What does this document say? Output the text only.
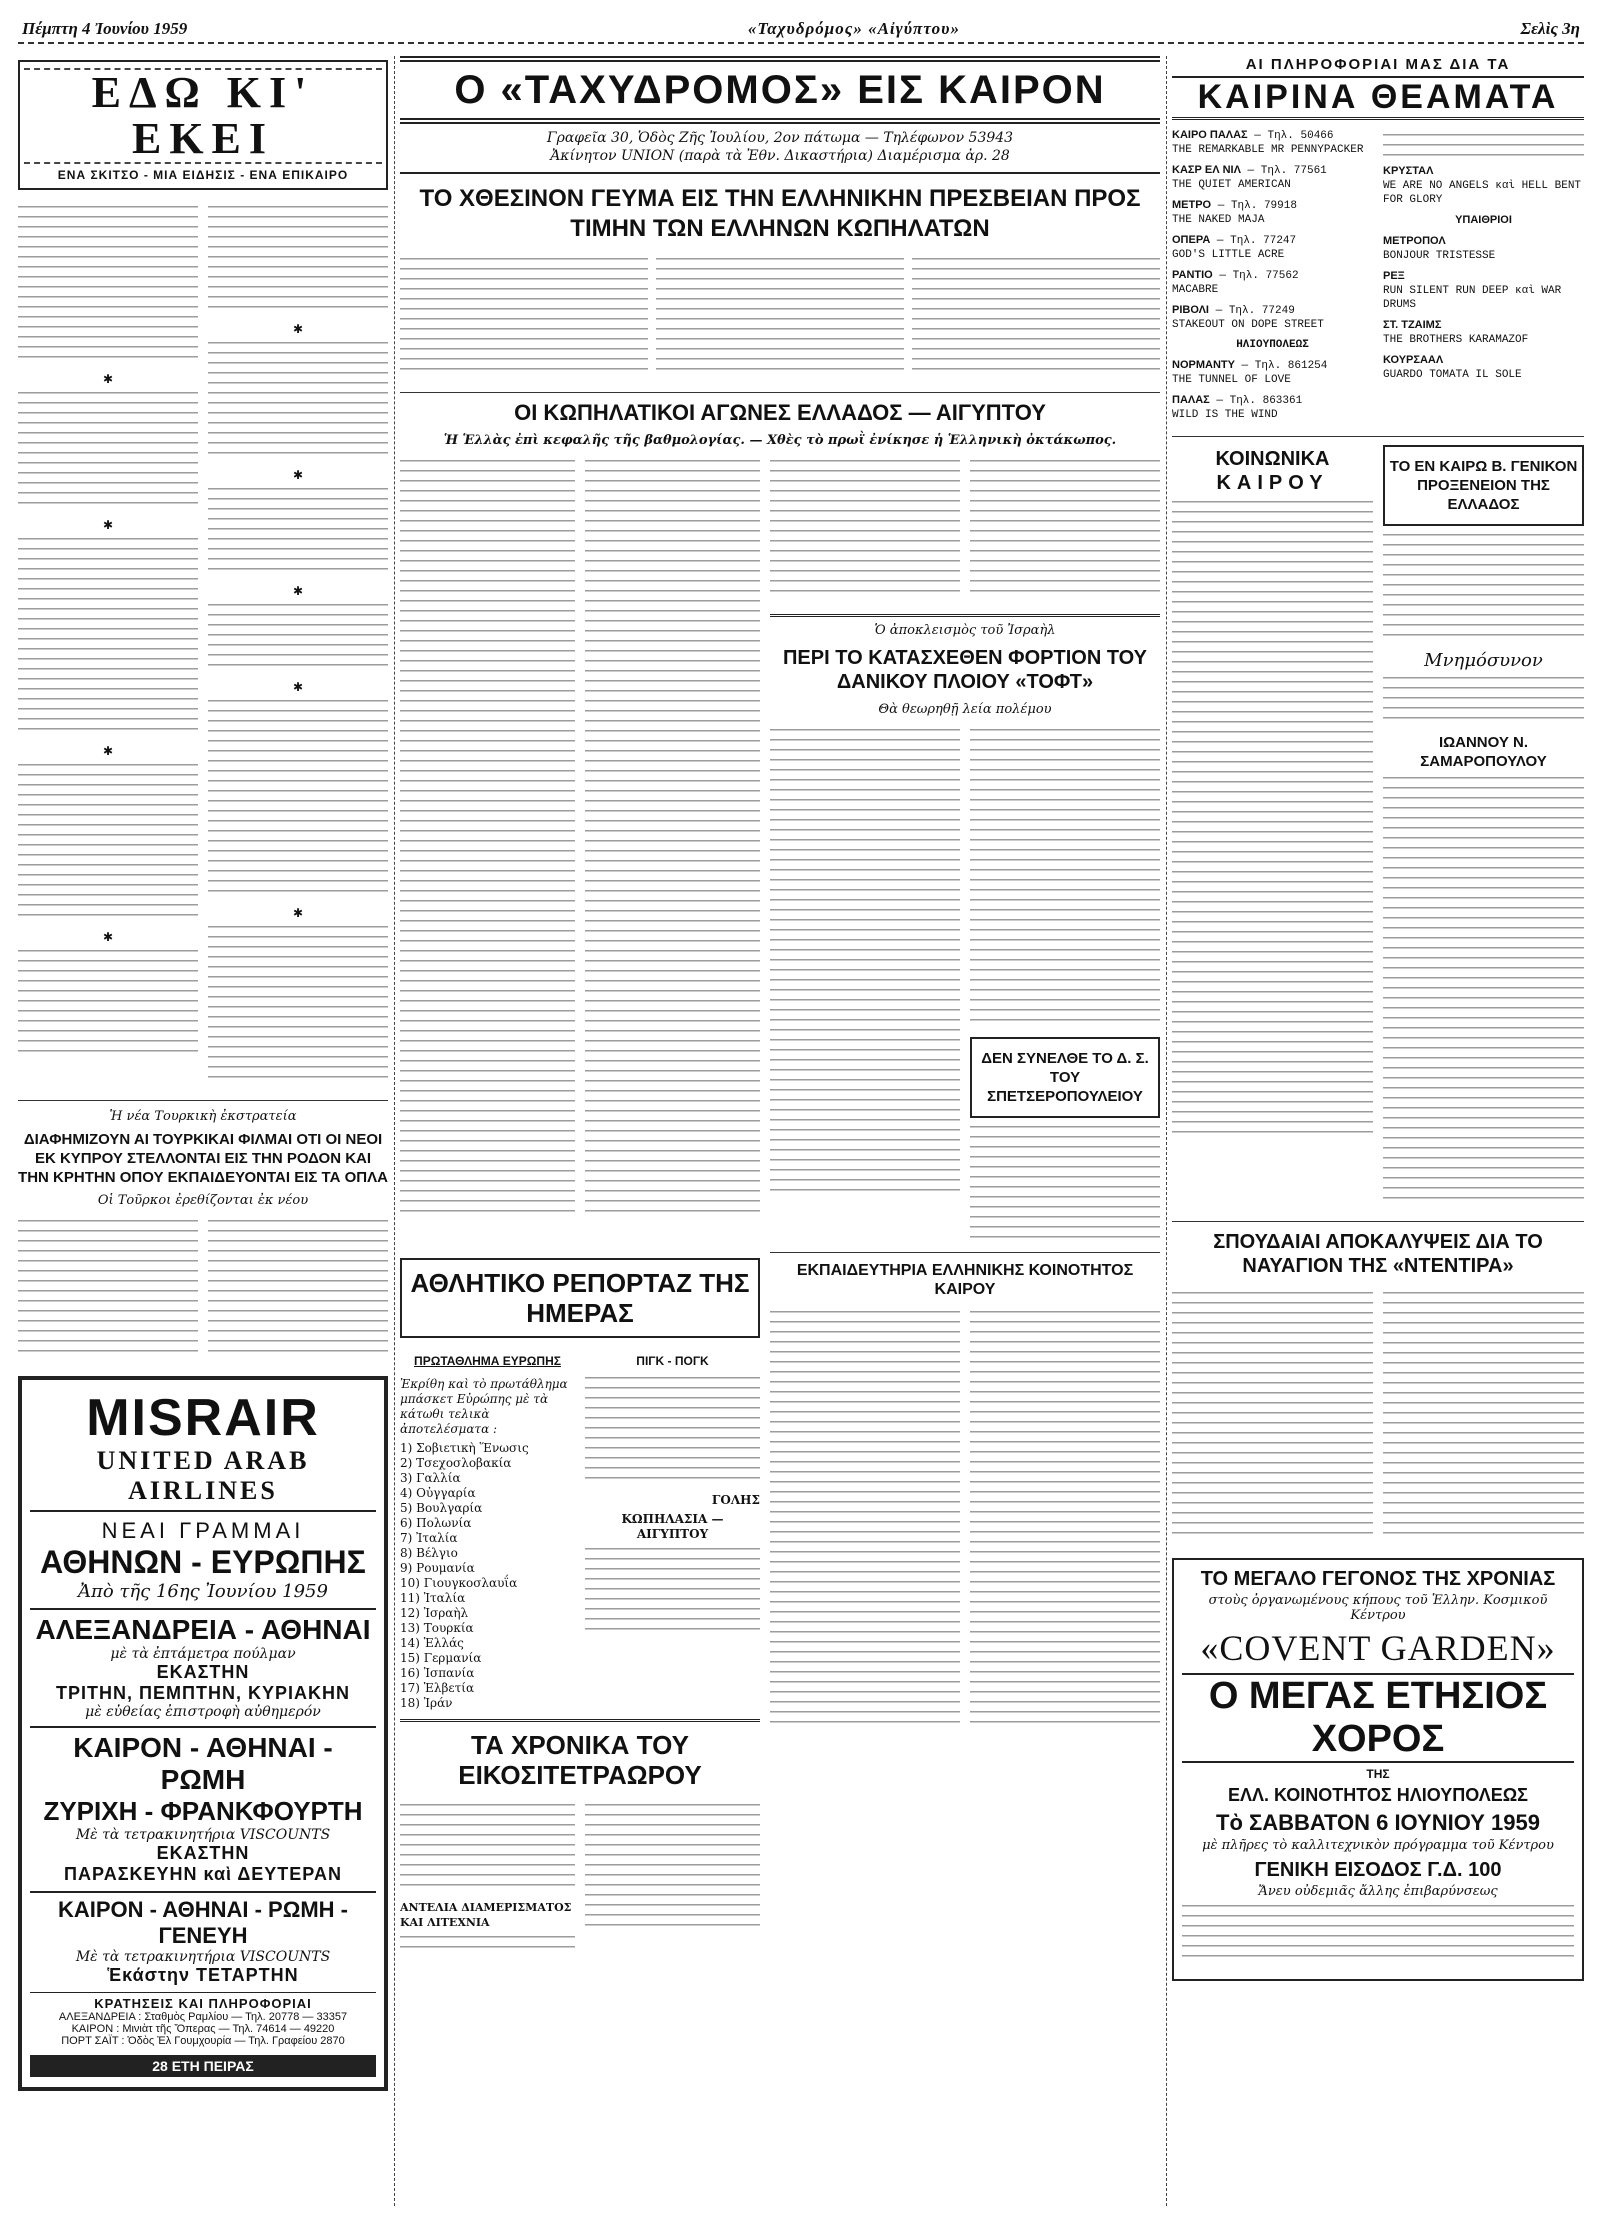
Πέμπτη 4 Ἰουνίου 1959	«Ταχυδρόμος» «Αἰγύπτου»	Σελὶς 3η
ΕΔΩ ΚΙ' ΕΚΕΙ
ΕΝΑ ΣΚΙΤΣΟ - ΜΙΑ ΕΙΔΗΣΙΣ - ΕΝΑ ΕΠΙΚΑΙΡΟ
✱
✱
✱
✱
✱
✱
✱
✱
✱
Ἡ νέα Τουρκικὴ ἐκστρατεία
ΔΙΑΦΗΜΙΖΟΥΝ ΑΙ ΤΟΥΡΚΙΚΑΙ ΦΙΛΜΑΙ ΟΤΙ ΟΙ ΝΕΟΙ ΕΚ ΚΥΠΡΟΥ ΣΤΕΛΛΟΝΤΑΙ ΕΙΣ ΤΗΝ ΡΟΔΟΝ ΚΑΙ ΤΗΝ ΚΡΗΤΗΝ ΟΠΟΥ ΕΚΠΑΙΔΕΥΟΝΤΑΙ ΕΙΣ ΤΑ ΟΠΛΑ
Οἱ Τοῦρκοι ἐρεθίζονται ἐκ νέου
MISRAIR
UNITED ARAB AIRLINES
ΝΕΑΙ ΓΡΑΜΜΑΙ
ΑΘΗΝΩΝ - ΕΥΡΩΠΗΣ
Ἀπὸ τῆς 16ης Ἰουνίου 1959
ΑΛΕΞΑΝΔΡΕΙΑ - ΑΘΗΝΑΙ
μὲ τὰ ἐπτάμετρα πούλμαν
ΕΚΑΣΤΗΝ
ΤΡΙΤΗΝ, ΠΕΜΠΤΗΝ, ΚΥΡΙΑΚΗΝ
μὲ εὐθείας ἐπιστροφὴ αὐθημερόν
ΚΑΙΡΟΝ - ΑΘΗΝΑΙ - ΡΩΜΗ
ΖΥΡΙΧΗ - ΦΡΑΝΚΦΟΥΡΤΗ
Μὲ τὰ τετρακινητήρια VISCOUNTS
ΕΚΑΣΤΗΝ
ΠΑΡΑΣΚΕΥΗΝ καὶ ΔΕΥΤΕΡΑΝ
ΚΑΙΡΟΝ - ΑΘΗΝΑΙ - ΡΩΜΗ - ΓΕΝΕΥΗ
Μὲ τὰ τετρακινητήρια VISCOUNTS
Ἑκάστην ΤΕΤΑΡΤΗΝ
ΚΡΑΤΗΣΕΙΣ ΚΑΙ ΠΛΗΡΟΦΟΡΙΑΙ
ΑΛΕΞΑΝΔΡΕΙΑ : Σταθμὸς Ραμλίου — Τηλ. 20778 — 33357
ΚΑΙΡΟΝ : Μινιὰτ τῆς Ὄπερας — Τηλ. 74614 — 49220
ΠΟΡΤ ΣΑΪΤ : Ὁδὸς Ἐλ Γουμχουρία — Τηλ. Γραφείου 2870
28 ΕΤΗ ΠΕΙΡΑΣ
Ο «ΤΑΧΥΔΡΟΜΟΣ» ΕΙΣ ΚΑΙΡΟΝ
Γραφεῖα 30, Ὁδὸς Ζῆς Ἰουλίου, 2ον πάτωμα — Τηλέφωνον 53943
Ἀκίνητον UNION (παρὰ τὰ Ἐθν. Δικαστήρια) Διαμέρισμα ἀρ. 28
ΤΟ ΧΘΕΣΙΝΟΝ ΓΕΥΜΑ ΕΙΣ ΤΗΝ ΕΛΛΗΝΙΚΗΝ ΠΡΕΣΒΕΙΑΝ ΠΡΟΣ ΤΙΜΗΝ ΤΩΝ ΕΛΛΗΝΩΝ ΚΩΠΗΛΑΤΩΝ
ΟΙ ΚΩΠΗΛΑΤΙΚΟΙ ΑΓΩΝΕΣ ΕΛΛΑΔΟΣ — ΑΙΓΥΠΤΟΥ
Ἡ Ἑλλὰς ἐπὶ κεφαλῆς τῆς βαθμολογίας. — Χθὲς τὸ πρωῒ ἐνίκησε ἡ Ἑλληνικὴ ὀκτάκωπος.
Ὁ ἀποκλεισμὸς τοῦ Ἰσραὴλ
ΠΕΡΙ ΤΟ ΚΑΤΑΣΧΕΘΕΝ ΦΟΡΤΙΟΝ ΤΟΥ ΔΑΝΙΚΟΥ ΠΛΟΙΟΥ «ΤΟΦΤ»
Θὰ θεωρηθῇ λεία πολέμου
ΔΕΝ ΣΥΝΕΛΘΕ ΤΟ Δ. Σ. ΤΟΥ ΣΠΕΤΣΕΡΟΠΟΥΛΕΙΟΥ
ΑΘΛΗΤΙΚΟ ΡΕΠΟΡΤΑΖ ΤΗΣ ΗΜΕΡΑΣ
ΠΡΩΤΑΘΛΗΜΑ ΕΥΡΩΠΗΣ
Ἐκρίθη καὶ τὸ πρωτάθλημα μπάσκετ Εὐρώπης μὲ τὰ κάτωθι τελικὰ ἀποτελέσματα :
1) Σοβιετικὴ Ἕνωσις
2) Τσεχοσλοβακία
3) Γαλλία
4) Οὐγγαρία
5) Βουλγαρία
6) Πολωνία
7) Ἰταλία
8) Βέλγιο
9) Ρουμανία
10) Γιουγκοσλαυΐα
11) Ἰταλία
12) Ἰσραὴλ
13) Τουρκία
14) Ἑλλάς
15) Γερμανία
16) Ἰσπανία
17) Ἑλβετία
18) Ἰράν
ΠΙΓΚ - ΠΟΓΚ
ΓΟΛΗΣ
ΚΩΠΗΛΑΣΙΑ — ΑΙΓΥΠΤΟΥ
ΤΑ ΧΡΟΝΙΚΑ ΤΟΥ ΕΙΚΟΣΙΤΕΤΡΑΩΡΟΥ
ΑΝΤΕΛΙΑ ΔΙΑΜΕΡΙΣΜΑΤΟΣ ΚΑΙ ΛΙΤΕΧΝΙΑ
ΕΚΠΑΙΔΕΥΤΗΡΙΑ ΕΛΛΗΝΙΚΗΣ ΚΟΙΝΟΤΗΤΟΣ ΚΑΙΡΟΥ
ΑΙ ΠΛΗΡΟΦΟΡΙΑΙ ΜΑΣ ΔΙΑ ΤΑ
ΚΑΙΡΙΝΑ ΘΕΑΜΑΤΑ
ΚΑΙΡΟ ΠΑΛΑΣ — Τηλ. 50466
THE REMARKABLE MR PENNYPACKER
ΚΑΣΡ ΕΛ ΝΙΛ — Τηλ. 77561
THE QUIET AMERICAN
ΜΕΤΡΟ — Τηλ. 79918
THE NAKED MAJA
ΟΠΕΡΑ — Τηλ. 77247
GOD'S LITTLE ACRE
ΡΑΝΤΙΟ — Τηλ. 77562
MACABRE
ΡΙΒΟΛΙ — Τηλ. 77249
STAKEOUT ON DOPE STREET
ΗΛΙΟΥΠΟΛΕΩΣ
ΝΟΡΜΑΝΤΥ — Τηλ. 861254
THE TUNNEL OF LOVE
ΠΑΛΑΣ — Τηλ. 863361
WILD IS THE WIND
ΚΡΥΣΤΑΛ
WE ARE NO ANGELS καὶ HELL BENT FOR GLORY
ΥΠΑΙΘΡΙΟΙ
ΜΕΤΡΟΠΟΛ
BONJOUR TRISTESSE
ΡΕΞ
RUN SILENT RUN DEEP καὶ WAR DRUMS
ΣΤ. ΤΖΑΙΜΣ
THE BROTHERS KARAMAZOF
ΚΟΥΡΣΑΑΛ
GUARDO TOMATA IL SOLE
ΚΟΙΝΩΝΙΚΑ
ΚΑΙΡΟΥ
ΤΟ ΕΝ ΚΑΙΡΩ Β. ΓΕΝΙΚΟΝ ΠΡΟΞΕΝΕΙΟΝ ΤΗΣ ΕΛΛΑΔΟΣ
Μνημόσυνον
ΙΩΑΝΝΟΥ Ν. ΣΑΜΑΡΟΠΟΥΛΟΥ
ΣΠΟΥΔΑΙΑΙ ΑΠΟΚΑΛΥΨΕΙΣ ΔΙΑ ΤΟ ΝΑΥΑΓΙΟΝ ΤΗΣ «ΝΤΕΝΤΙΡΑ»
ΤΟ ΜΕΓΑΛΟ ΓΕΓΟΝΟΣ ΤΗΣ ΧΡΟΝΙΑΣ
στοὺς ὀργανωμένους κήπους τοῦ Ἑλλην. Κοσμικοῦ Κέντρου
«COVENT GARDEN»
Ο ΜΕΓΑΣ ΕΤΗΣΙΟΣ ΧΟΡΟΣ
ΤΗΣ
ΕΛΛ. ΚΟΙΝΟΤΗΤΟΣ ΗΛΙΟΥΠΟΛΕΩΣ
Τὸ ΣΑΒΒΑΤΟΝ 6 ΙΟΥΝΙΟΥ 1959
μὲ πλῆρες τὸ καλλιτεχνικὸν πρόγραμμα τοῦ Κέντρου
ΓΕΝΙΚΗ ΕΙΣΟΔΟΣ Γ.Δ. 100
Ἄνευ οὐδεμιᾶς ἄλλης ἐπιβαρύνσεως
